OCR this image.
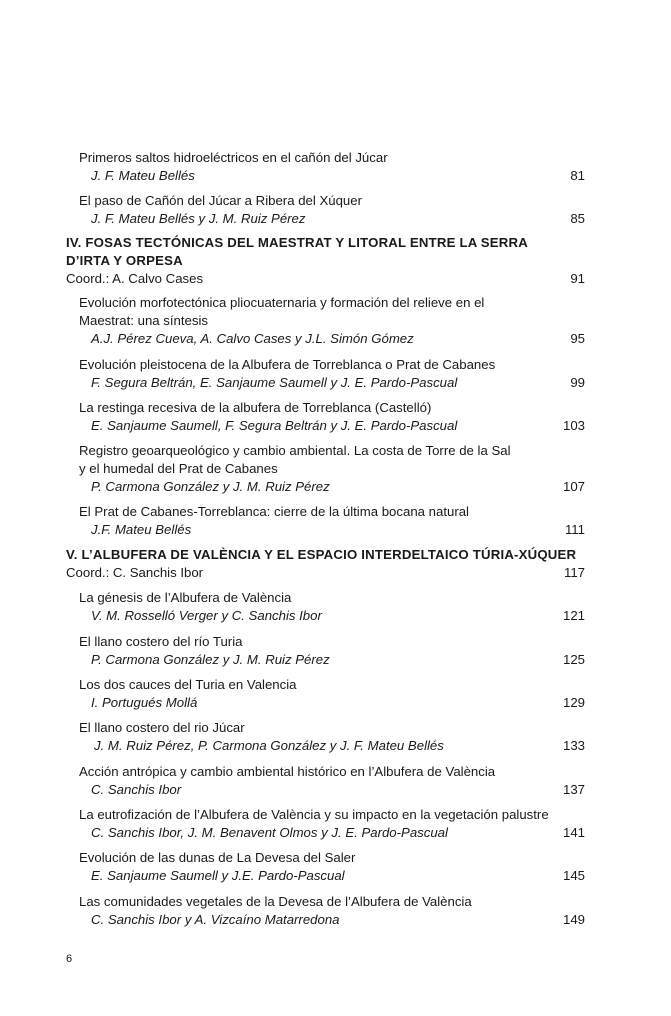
Primeros saltos hidroeléctricos en el cañón del Júcar
J. F. Mateu Bellés	81
El paso de Cañón del Júcar a Ribera del Xúquer
J. F. Mateu Bellés y J. M. Ruiz Pérez	85
IV. FOSAS TECTÓNICAS DEL MAESTRAT Y LITORAL ENTRE LA SERRA
D’IRTA Y ORPESA
Coord.: A. Calvo Cases	91
Evolución morfotectónica pliocuaternaria y formación del relieve en el
Maestrat: una síntesis
A.J. Pérez Cueva, A. Calvo Cases y J.L. Simón Gómez	95
Evolución pleistocena de la Albufera de Torreblanca o Prat de Cabanes
F. Segura Beltrán, E. Sanjaume Saumell y J. E. Pardo-Pascual	99
La restinga recesiva de la albufera de Torreblanca (Castelló)
E. Sanjaume Saumell, F. Segura Beltrán y J. E. Pardo-Pascual	103
Registro geoarqueológico y cambio ambiental. La costa de Torre de la Sal
y el humedal del Prat de Cabanes
P. Carmona González y J. M. Ruiz Pérez	107
El Prat de Cabanes-Torreblanca: cierre de la última bocana natural
J.F. Mateu Bellés	111
V. L’ALBUFERA DE VALÈNCIA Y EL ESPACIO INTERDELTAICO TÚRIA-XÚQUER
Coord.: C. Sanchis Ibor	117
La génesis de l’Albufera de València
V. M. Rosselló Verger y C. Sanchis Ibor	121
El llano costero del río Turia
P. Carmona González y J. M. Ruiz Pérez	125
Los dos cauces del Turia en Valencia
I. Portugués Mollá	129
El llano costero del rio Júcar
J. M. Ruiz Pérez, P. Carmona González y J. F. Mateu Bellés	133
Acción antrópica y cambio ambiental histórico en l’Albufera de València
C. Sanchis Ibor	137
La eutrofización de l’Albufera de València y su impacto en la vegetación palustre
C. Sanchis Ibor, J. M. Benavent Olmos y J. E. Pardo-Pascual	141
Evolución de las dunas de La Devesa del Saler
E. Sanjaume Saumell y J.E. Pardo-Pascual	145
Las comunidades vegetales de la Devesa de l’Albufera de València
C. Sanchis Ibor y A. Vizcaíno Matarredona	149
6
